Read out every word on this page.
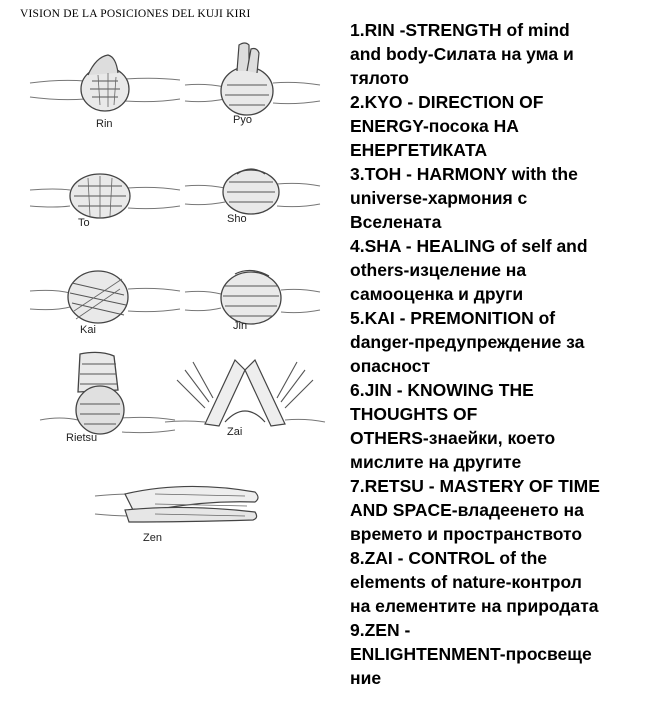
VISION DE LA POSICIONES DEL KUJI KIRI
Rin	Pyo
To	Sho
Kai	Jin
Rietsu	Zai
Zen
1.RIN -STRENGTH of mind
and body-Силата на ума и
тялото
2.KYO - DIRECTION OF
ENERGY-посока НА
ЕНЕРГЕТИКАТА
3.TOH - HARMONY with the
universe-хармония с
Вселената
4.SHA - HEALING of self and
others-изцеление на
самооценка и други
5.KAI - PREMONITION of
danger-предупреждение за
опасност
6.JIN - KNOWING THE
THOUGHTS OF
OTHERS-знаейки, което
мислите на другите
7.RETSU - MASTERY OF TIME
AND SPACE-владеенето на
времето и пространството
8.ZAI - CONTROL of the
elements of nature-контрол
на елементите на природата
9.ZEN -
ENLIGHTENMENT-просвеще
ние
